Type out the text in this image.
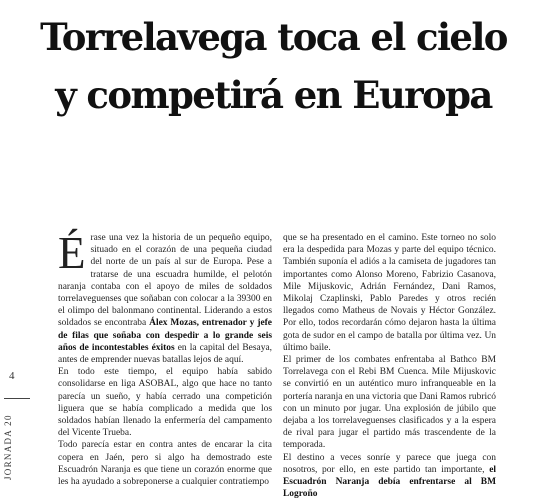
Torrelavega toca el cielo
y competirá en Europa
4
JORNADA 20

Érase una vez la historia de un pequeño equipo, situado en el corazón de una pequeña ciudad del norte de un país al sur de Europa. Pese a tratarse de una escuadra humilde, el pelotón naranja contaba con el apoyo de miles de soldados torrelaveguenses que soñaban con colocar a la 39300 en el olimpo del balonmano continental. Liderando a estos soldados se encontraba Álex Mozas, entrenador y jefe de filas que soñaba con despedir a lo grande seis años de incontestables éxitos en la capital del Besaya, antes de emprender nuevas batallas lejos de aquí.

En todo este tiempo, el equipo había sabido consolidarse en liga ASOBAL, algo que hace no tanto parecía un sueño, y había cerrado una competición liguera que se había complicado a medida que los soldados habían llenado la enfermería del campamento del Vicente Trueba.

Todo parecía estar en contra antes de encarar la cita copera en Jaén, pero si algo ha demostrado este Escuadrón Naranja es que tiene un corazón enorme que les ha ayudado a sobreponerse a cualquier contratiempo

que se ha presentado en el camino. Este torneo no solo era la despedida para Mozas y parte del equipo técnico. También suponía el adiós a la camiseta de jugadores tan importantes como Alonso Moreno, Fabrizio Casanova, Mile Mijuskovic, Adrián Fernández, Dani Ramos, Mikolaj Czaplinski, Pablo Paredes y otros recién llegados como Matheus de Novais y Héctor González. Por ello, todos recordarán cómo dejaron hasta la última gota de sudor en el campo de batalla por última vez. Un último baile.

El primer de los combates enfrentaba al Bathco BM Torrelavega con el Rebi BM Cuenca. Mile Mijuskovic se convirtió en un auténtico muro infranqueable en la portería naranja en una victoria que Dani Ramos rubricó con un minuto por jugar. Una explosión de júbilo que dejaba a los torrelaveguenses clasificados y a la espera de rival para jugar el partido más trascendente de la temporada.

El destino a veces sonríe y parece que juega con nosotros, por ello, en este partido tan importante, el Escuadrón Naranja debía enfrentarse al BM Logroño
